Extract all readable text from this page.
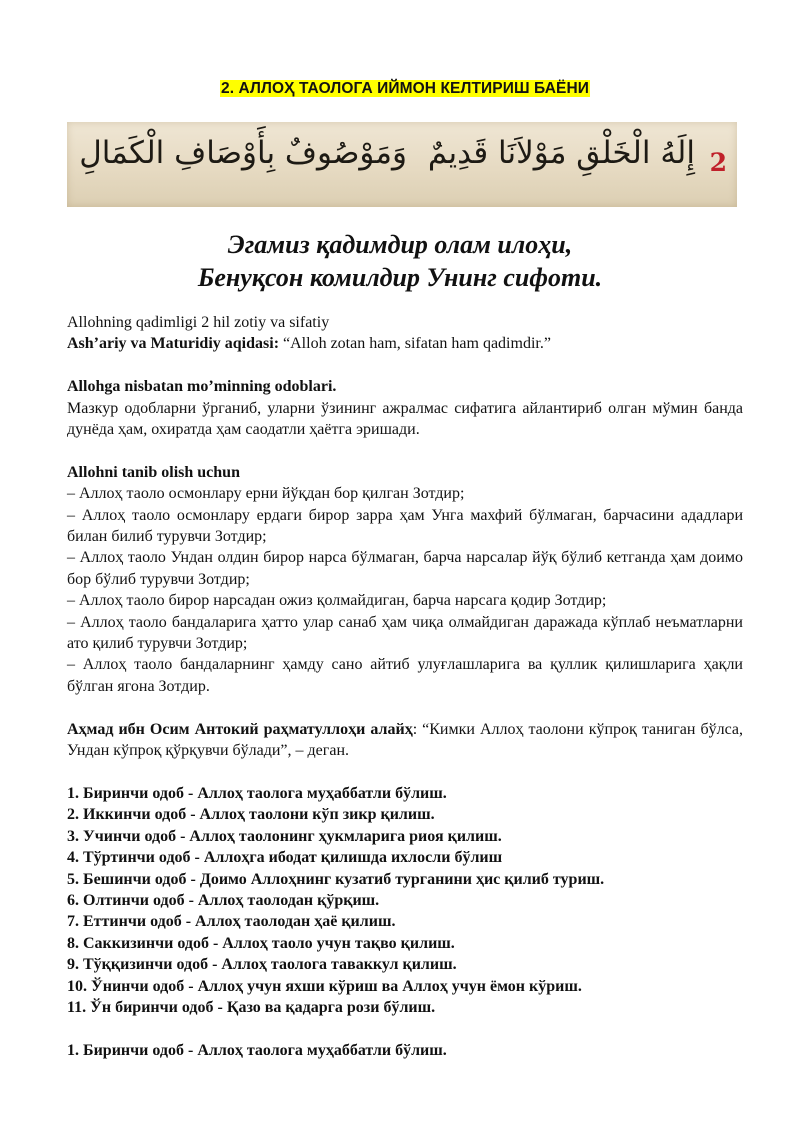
2. АЛЛОҲ ТАОЛОГА ИЙМОН КЕЛТИРИШ БАЁНИ
2
إِلَهُ الْخَلْقِ مَوْلاَنَا قَدِيمٌ
وَمَوْصُوفٌ بِأَوْصَافِ الْكَمَالِ
Эгамиз қадимдир олам илоҳи,
Бенуқсон комилдир Унинг сифоти.

Allohning qadimligi 2 hil zotiy va sifatiy

Ash’ariy va Maturidiy aqidasi: “Alloh zotan ham, sifatan ham qadimdir.”

Allohga nisbatan mo’minning odoblari.

Мазкур одобларни ўрганиб, уларни ўзининг ажралмас сифатига айлантириб олган мўмин банда дунёда ҳам, охиратда ҳам саодатли ҳаётга эришади.

Allohni tanib olish uchun

– Аллоҳ таоло осмонлару ерни йўқдан бор қилган Зотдир;

– Аллоҳ таоло осмонлару ердаги бирор зарра ҳам Унга махфий бўлмаган, барчасини ададлари билан билиб турувчи Зотдир;

– Аллоҳ таоло Ундан олдин бирор нарса бўлмаган, барча нарсалар йўқ бўлиб кетганда ҳам доимо бор бўлиб турувчи Зотдир;

– Аллоҳ таоло бирор нарсадан ожиз қолмайдиган, барча нарсага қодир Зотдир;

– Аллоҳ таоло бандаларига ҳатто улар санаб ҳам чиқа олмайдиган даражада кўплаб неъматларни ато қилиб турувчи Зотдир;

– Аллоҳ таоло бандаларнинг ҳамду сано айтиб улуғлашларига ва қуллик қилишларига ҳақли бўлган ягона Зотдир.

Аҳмад ибн Осим Антокий раҳматуллоҳи алайҳ: “Кимки Аллоҳ таолони кўпроқ таниган бўлса, Ундан кўпроқ қўрқувчи бўлади”, – деган.

1. Биринчи одоб - Аллоҳ таологa муҳаббатли бўлиш.

2. Иккинчи одоб - Аллоҳ таолони кўп зикр қилиш.

3. Учинчи одоб - Аллоҳ таолонинг ҳукмларига риоя қилиш.

4. Тўртинчи одоб - Аллоҳга ибодат қилишда ихлосли бўлиш

5. Бешинчи одоб - Доимо Аллоҳнинг кузатиб турганини ҳис қилиб туриш.

6. Олтинчи одоб - Аллоҳ таолодан қўрқиш.

7. Еттинчи одоб - Аллоҳ таолодан ҳаё қилиш.

8. Саккизинчи одоб - Аллоҳ таоло учун тақво қилиш.

9. Тўққизинчи одоб - Аллоҳ таологa таваккул қилиш.

10. Ўнинчи одоб - Аллоҳ учун яхши кўриш ва Аллоҳ учун ёмон кўриш.

11. Ўн биринчи одоб - Қазо ва қадарга рози бўлиш.

1. Биринчи одоб - Аллоҳ таологa муҳаббатли бўлиш.
